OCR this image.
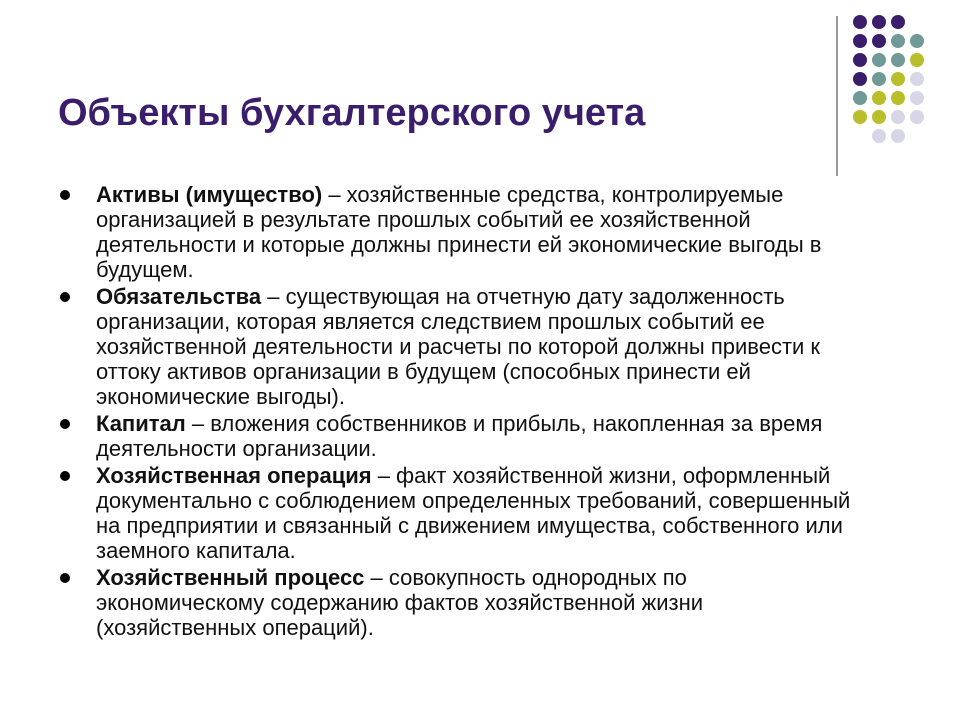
Объекты бухгалтерского учета
Активы (имущество) – хозяйственные средства, контролируемые организацией в результате прошлых событий ее хозяйственной деятельности и которые должны принести ей экономические выгоды в будущем.
Обязательства – существующая на отчетную дату задолженность организации, которая является следствием прошлых событий ее хозяйственной деятельности и расчеты по которой должны привести к оттоку активов организации в будущем (способных принести ей экономические выгоды).
Капитал – вложения собственников и прибыль, накопленная за время деятельности организации.
Хозяйственная операция – факт хозяйственной жизни, оформленный документально с соблюдением определенных требований, совершенный на предприятии и связанный с движением имущества, собственного или заемного капитала.
Хозяйственный процесс – совокупность однородных по экономическому содержанию фактов хозяйственной жизни (хозяйственных операций).
